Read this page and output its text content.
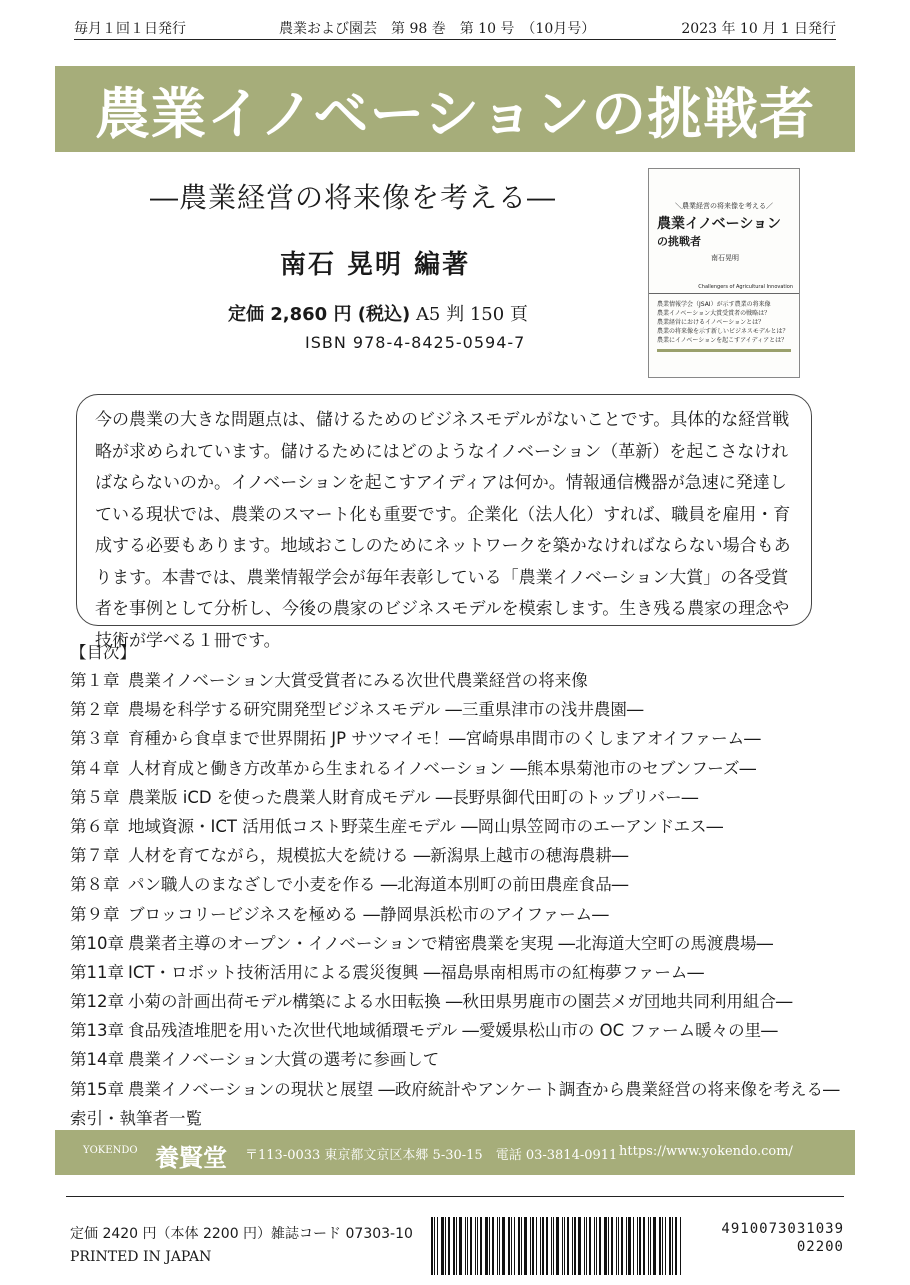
毎月１回１日発行	農業および園芸　第 98 巻　第 10 号　（10月号）	2023 年 10 月 1 日発行
農業イノベーションの挑戦者
―農業経営の将来像を考える―
南石 晃明 編著
定価 2,860 円 (税込) A5 判 150 頁
ISBN 978-4-8425-0594-7
＼農業経営の将来像を考える／
農業イノベーション
の挑戦者
南石晃明
Challengers of Agricultural Innovation
農業情報学会（JSAI）が示す農業の将来像
農業イノベーション大賞受賞者の戦略は？
農業経営におけるイノベーションとは？
農業の将来像を示す新しいビジネスモデルとは？
農業にイノベーションを起こすアイディアとは？
今の農業の大きな問題点は、儲けるためのビジネスモデルがないことです。具体的な経営戦略が求められています。儲けるためにはどのようなイノベーション（革新）を起こさなければならないのか。イノベーションを起こすアイディアは何か。情報通信機器が急速に発達している現状では、農業のスマート化も重要です。企業化（法人化）すれば、職員を雇用・育成する必要もあります。地域おこしのためにネットワークを築かなければならない場合もあります。本書では、農業情報学会が毎年表彰している「農業イノベーション大賞」の各受賞者を事例として分析し、今後の農家のビジネスモデルを模索します。生き残る農家の理念や技術が学べる１冊です。
【目次】
第１章 農業イノベーション大賞受賞者にみる次世代農業経営の将来像
第２章 農場を科学する研究開発型ビジネスモデル ―三重県津市の浅井農園―
第３章 育種から食卓まで世界開拓 JP サツマイモ！―宮崎県串間市のくしまアオイファーム―
第４章 人材育成と働き方改革から生まれるイノベーション ―熊本県菊池市のセブンフーズ―
第５章 農業版 iCD を使った農業人財育成モデル ―長野県御代田町のトップリバー―
第６章 地域資源・ICT 活用低コスト野菜生産モデル ―岡山県笠岡市のエーアンドエス―
第７章 人材を育てながら，規模拡大を続ける ―新潟県上越市の穂海農耕―
第８章 パン職人のまなざしで小麦を作る ―北海道本別町の前田農産食品―
第９章 ブロッコリービジネスを極める ―静岡県浜松市のアイファーム―
第10章 農業者主導のオープン・イノベーションで精密農業を実現 ―北海道大空町の馬渡農場―
第11章 ICT・ロボット技術活用による震災復興 ―福島県南相馬市の紅梅夢ファーム―
第12章 小菊の計画出荷モデル構築による水田転換 ―秋田県男鹿市の園芸メガ団地共同利用組合―
第13章 食品残渣堆肥を用いた次世代地域循環モデル ―愛媛県松山市の OC ファーム暖々の里―
第14章 農業イノベーション大賞の選考に参画して
第15章 農業イノベーションの現状と展望 ―政府統計やアンケート調査から農業経営の将来像を考える―
索引・執筆者一覧
YOKENDO 養賢堂 〒113-0033 東京都文京区本郷 5-30-15　電話 03-3814-0911 https://www.yokendo.com/
定価 2420 円（本体 2200 円）雑誌コード 07303-10
PRINTED IN JAPAN
4910073031039
02200
